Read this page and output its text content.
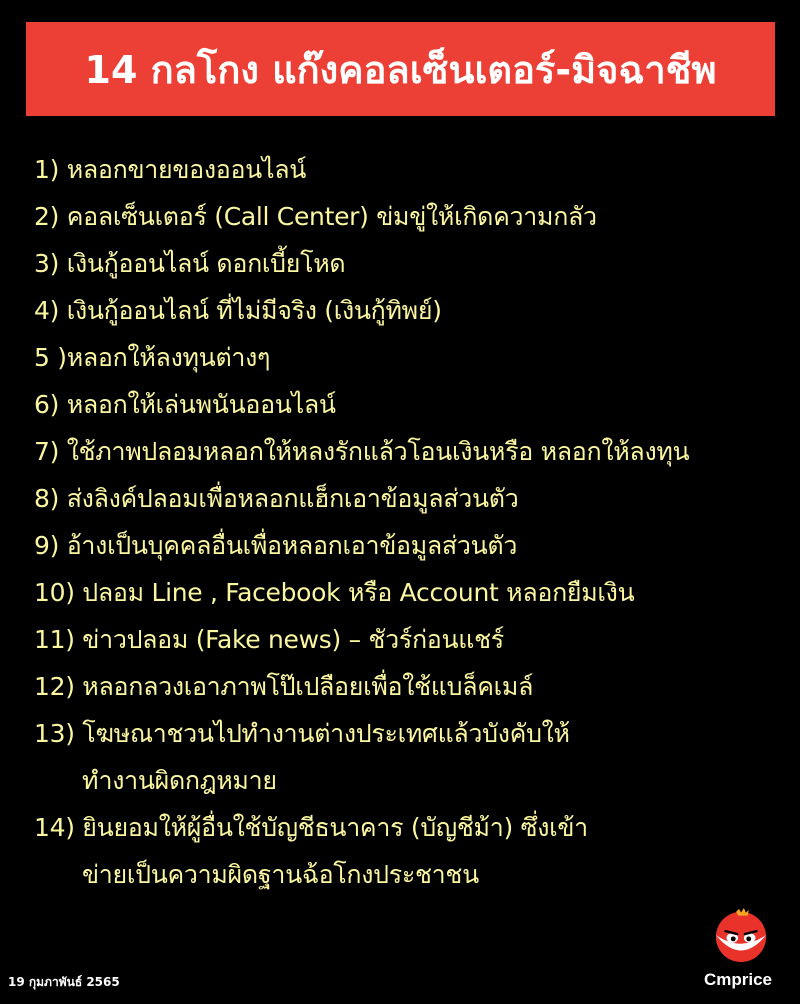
14 กลโกง แก๊งคอลเซ็นเตอร์-มิจฉาชีพ
1) หลอกขายของออนไลน์
2) คอลเซ็นเตอร์ (Call Center) ข่มขู่ให้เกิดความกลัว
3) เงินกู้ออนไลน์ ดอกเบี้ยโหด
4) เงินกู้ออนไลน์ ที่ไม่มีจริง (เงินกู้ทิพย์)
5 )หลอกให้ลงทุนต่างๆ
6) หลอกให้เล่นพนันออนไลน์
7) ใช้ภาพปลอมหลอกให้หลงรักแล้วโอนเงินหรือ หลอกให้ลงทุน
8) ส่งลิงค์ปลอมเพื่อหลอกแฮ็กเอาข้อมูลส่วนตัว
9) อ้างเป็นบุคคลอื่นเพื่อหลอกเอาข้อมูลส่วนตัว
10) ปลอม Line , Facebook หรือ Account หลอกยืมเงิน
11) ข่าวปลอม (Fake news) – ชัวร์ก่อนแชร์
12) หลอกลวงเอาภาพโป๊เปลือยเพื่อใช้แบล็คเมล์
13) โฆษณาชวนไปทำงานต่างประเทศแล้วบังคับให้
ทำงานผิดกฎหมาย
14) ยินยอมให้ผู้อื่นใช้บัญชีธนาคาร (บัญชีม้า) ซึ่งเข้า
ข่ายเป็นความผิดฐานฉ้อโกงประชาชน
Cmprice
19 กุมภาพันธ์ 2565
